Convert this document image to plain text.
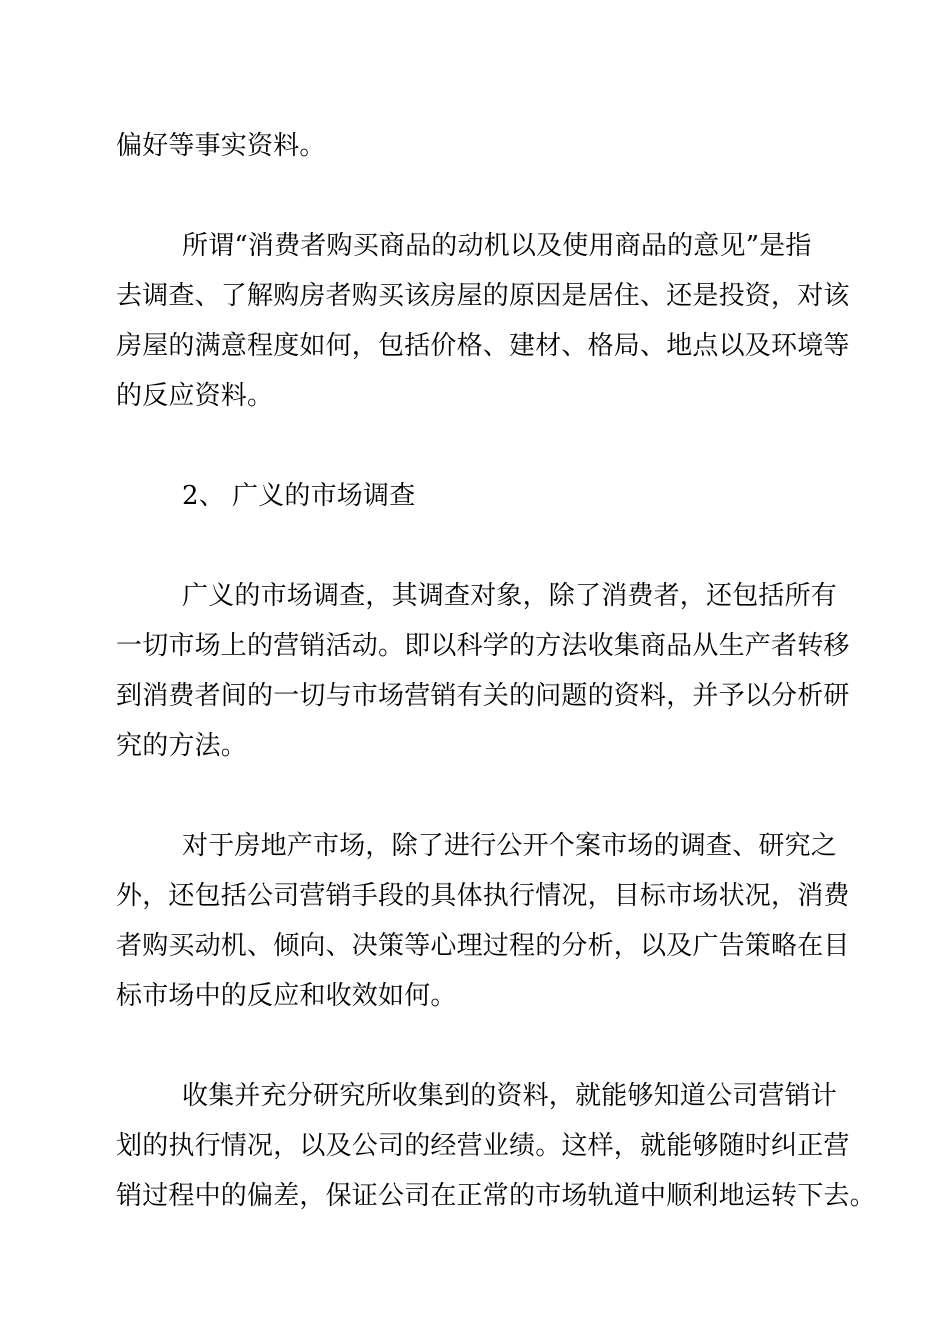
偏好等事实资料。
所谓“消费者购买商品的动机以及使用商品的意见”是指
去调查、了解购房者购买该房屋的原因是居住、还是投资，对该
房屋的满意程度如何，包括价格、建材、格局、地点以及环境等
的反应资料。
2、 广义的市场调查
广义的市场调查，其调查对象，除了消费者，还包括所有
一切市场上的营销活动。即以科学的方法收集商品从生产者转移
到消费者间的一切与市场营销有关的问题的资料，并予以分析研
究的方法。
对于房地产市场，除了进行公开个案市场的调查、研究之
外，还包括公司营销手段的具体执行情况，目标市场状况，消费
者购买动机、倾向、决策等心理过程的分析，以及广告策略在目
标市场中的反应和收效如何。
收集并充分研究所收集到的资料，就能够知道公司营销计
划的执行情况，以及公司的经营业绩。这样，就能够随时纠正营
销过程中的偏差，保证公司在正常的市场轨道中顺利地运转下去。
